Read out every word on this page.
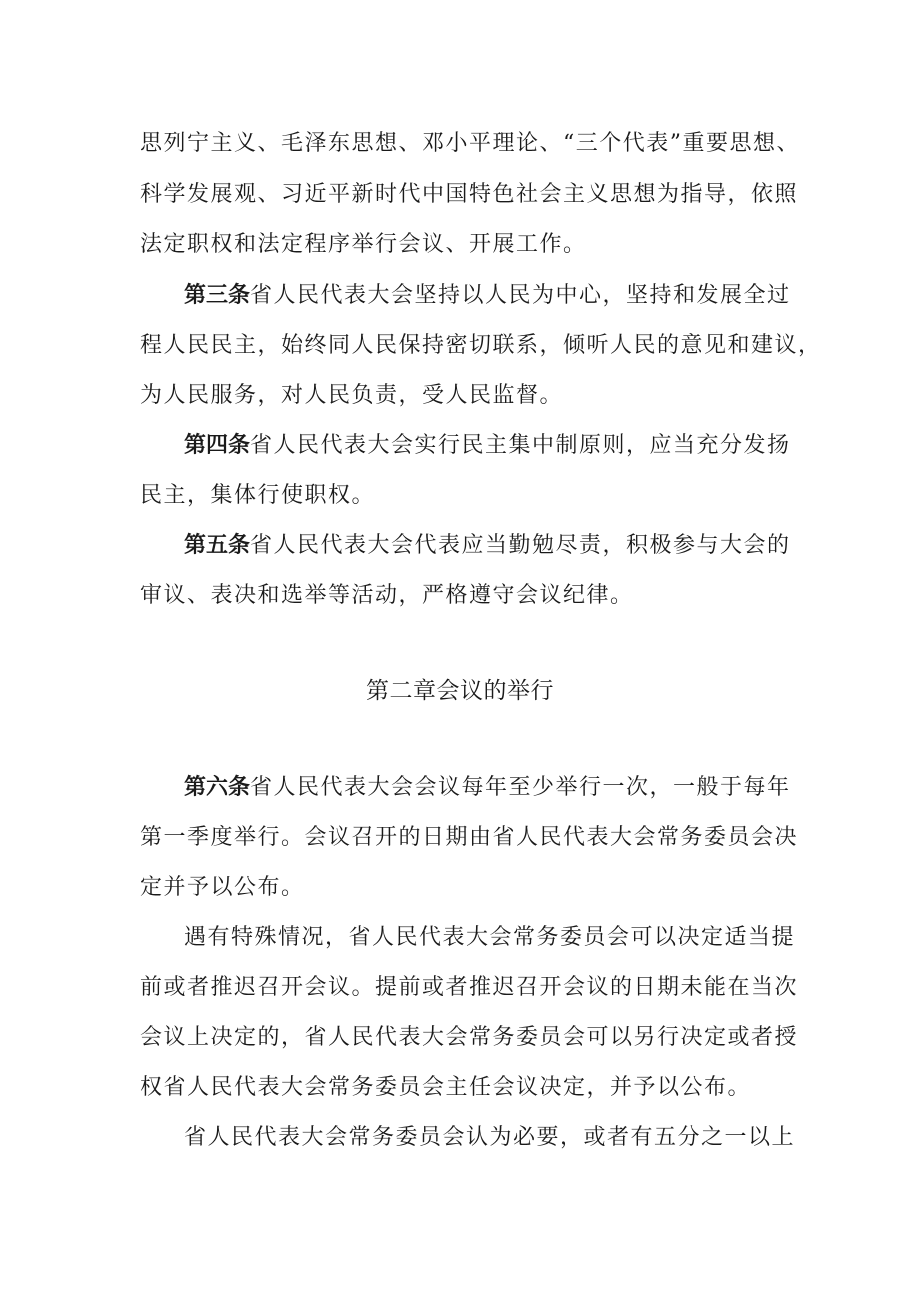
思列宁主义、毛泽东思想、邓小平理论、“三个代表”重要思想、
科学发展观、习近平新时代中国特色社会主义思想为指导，依照
法定职权和法定程序举行会议、开展工作。
第三条省人民代表大会坚持以人民为中心，坚持和发展全过
程人民民主，始终同人民保持密切联系，倾听人民的意见和建议，
为人民服务，对人民负责，受人民监督。
第四条省人民代表大会实行民主集中制原则，应当充分发扬
民主，集体行使职权。
第五条省人民代表大会代表应当勤勉尽责，积极参与大会的
审议、表决和选举等活动，严格遵守会议纪律。
第二章会议的举行
第六条省人民代表大会会议每年至少举行一次，一般于每年
第一季度举行。会议召开的日期由省人民代表大会常务委员会决
定并予以公布。
遇有特殊情况，省人民代表大会常务委员会可以决定适当提
前或者推迟召开会议。提前或者推迟召开会议的日期未能在当次
会议上决定的，省人民代表大会常务委员会可以另行决定或者授
权省人民代表大会常务委员会主任会议决定，并予以公布。
省人民代表大会常务委员会认为必要，或者有五分之一以上
